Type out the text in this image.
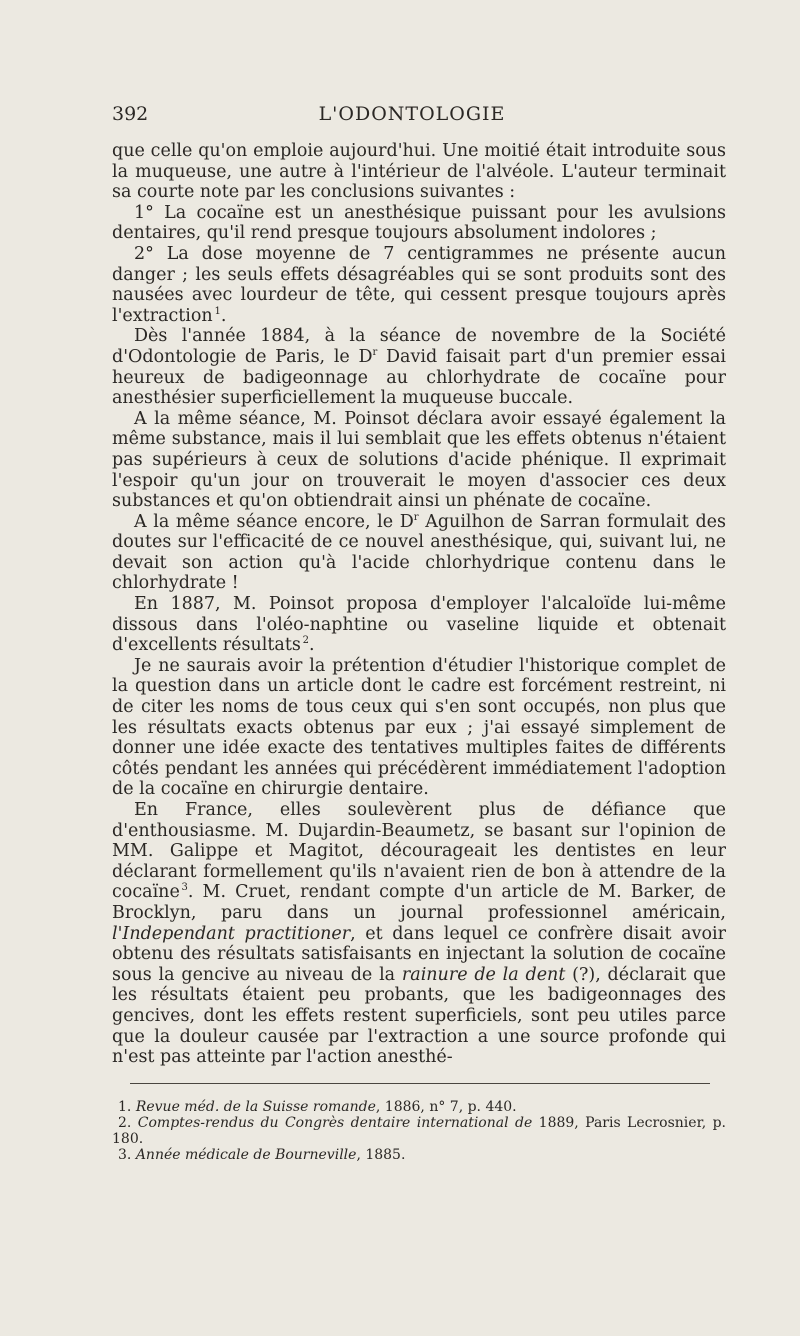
392	L'ODONTOLOGIE

que celle qu'on emploie aujourd'hui. Une moitié était introduite sous la muqueuse, une autre à l'intérieur de l'alvéole. L'auteur terminait sa courte note par les conclusions suivantes :

1° La cocaïne est un anesthésique puissant pour les avulsions dentaires, qu'il rend presque toujours absolument indolores ;

2° La dose moyenne de 7 centigrammes ne présente aucun danger ; les seuls effets désagréables qui se sont produits sont des nausées avec lourdeur de tête, qui cessent presque toujours après l'extraction  $^1$.

Dès l'année 1884, à la séance de novembre de la Société d'Odontologie de Paris, le $D^r$ David faisait part d'un premier essai heureux de badigeonnage au chlorhydrate de cocaïne pour anesthésier superficiellement la muqueuse buccale.

A la même séance, M. Poinsot déclara avoir essayé également la même substance, mais il lui semblait que les effets obtenus n'étaient pas supérieurs à ceux de solutions d'acide phénique. Il exprimait l'espoir qu'un jour on trouverait le moyen d'associer ces deux substances et qu'on obtiendrait ainsi un phénate de cocaïne.

A la même séance encore, le $D^r$ Aguilhon de Sarran formulait des doutes sur l'efficacité de ce nouvel anesthésique, qui, suivant lui, ne devait son action qu'à l'acide chlorhydrique contenu dans le chlorhydrate !

En 1887, M. Poinsot proposa d'employer l'alcaloïde lui-même dissous dans l'oléo-naphtine ou vaseline liquide et obtenait d'excellents résultats  $^2$.

Je ne saurais avoir la prétention d'étudier l'historique complet de la question dans un article dont le cadre est forcément restreint, ni de citer les noms de tous ceux qui s'en sont occupés, non plus que les résultats exacts obtenus par eux ; j'ai essayé simplement de donner une idée exacte des tentatives multiples faites de différents côtés pendant les années qui précédèrent immédiatement l'adoption de la cocaïne en chirurgie dentaire.

En France, elles soulevèrent plus de défiance que d'enthousiasme. M. Dujardin-Beaumetz, se basant sur l'opinion de MM. Galippe et Magitot, décourageait les dentistes en leur déclarant formellement qu'ils n'avaient rien de bon à attendre de la cocaïne  $^3$. M. Cruet, rendant compte d'un article de M. Barker, de Brocklyn, paru dans un journal professionnel américain, l'Independant practitioner, et dans lequel ce confrère disait avoir obtenu des résultats satisfaisants en injectant la solution de cocaïne sous la gencive au niveau de la rainure de la dent (?), déclarait que les résultats étaient peu probants, que les badigeonnages des gencives, dont les effets restent superficiels, sont peu utiles parce que la douleur causée par l'extraction a une source profonde qui n'est pas atteinte par l'action anesthé-

1. Revue méd. de la Suisse romande, 1886, n° 7, p. 440.

2. Comptes-rendus du Congrès dentaire international de 1889, Paris Lecrosnier, p. 180.

3. Année médicale de Bourneville, 1885.
